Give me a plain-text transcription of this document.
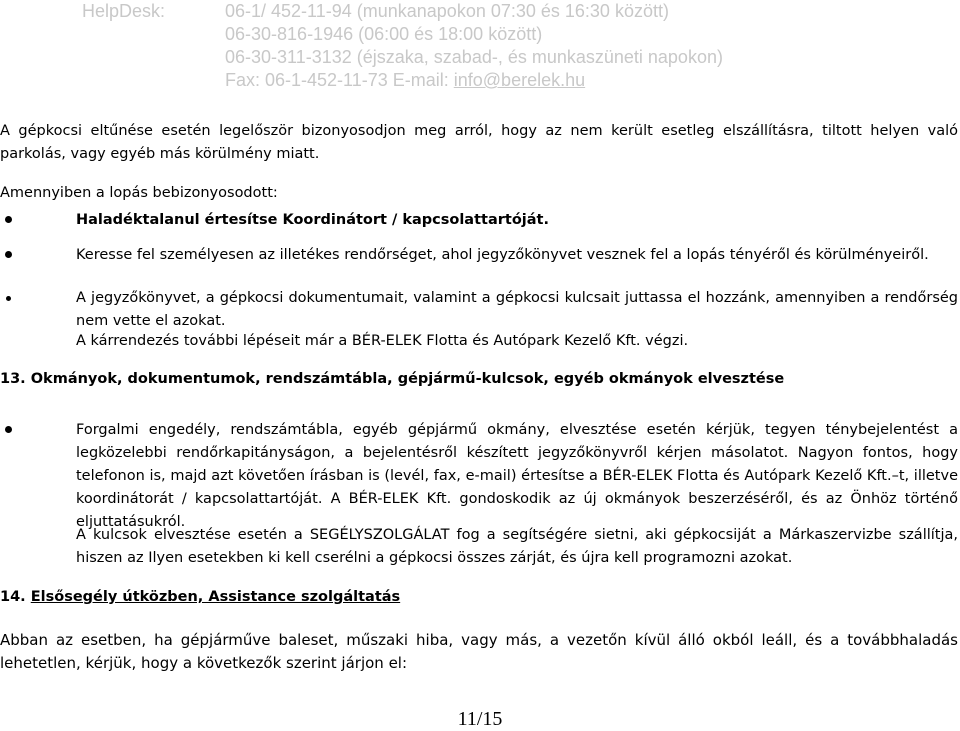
HelpDesk:	06-1/ 452-11-94 (munkanapokon 07:30 és 16:30 között)
06-30-816-1946 (06:00 és 18:00 között)
06-30-311-3132 (éjszaka, szabad-, és munkaszüneti napokon)
Fax: 06-1-452-11-73 E-mail: info@berelek.hu
A gépkocsi eltűnése esetén legelőször bizonyosodjon meg arról, hogy az nem került esetleg elszállításra, tiltott helyen való parkolás, vagy egyéb más körülmény miatt.
Amennyiben a lopás bebizonyosodott:
Haladéktalanul értesítse Koordinátort / kapcsolattartóját.
Keresse fel személyesen az illetékes rendőrséget, ahol jegyzőkönyvet vesznek fel a lopás tényéről és körülményeiről.
A jegyzőkönyvet, a gépkocsi dokumentumait, valamint a gépkocsi kulcsait juttassa el hozzánk, amennyiben a rendőrség nem vette el azokat.
A kárrendezés további lépéseit már a BÉR-ELEK Flotta és Autópark Kezelő Kft. végzi.
13. Okmányok, dokumentumok, rendszámtábla, gépjármű-kulcsok, egyéb okmányok elvesztése
Forgalmi engedély, rendszámtábla, egyéb gépjármű okmány, elvesztése esetén kérjük, tegyen ténybejelentést a legközelebbi rendőrkapitányságon, a bejelentésről készített jegyzőkönyvről kérjen másolatot. Nagyon fontos, hogy telefonon is, majd azt követően írásban is (levél, fax, e-mail) értesítse a BÉR-ELEK Flotta és Autópark Kezelő Kft.–t, illetve koordinátorát / kapcsolattartóját. A BÉR-ELEK Kft. gondoskodik az új okmányok beszerzéséről, és az Önhöz történő eljuttatásukról.
A kulcsok elvesztése esetén a SEGÉLYSZOLGÁLAT fog a segítségére sietni, aki gépkocsiját a Márkaszervizbe szállítja, hiszen az Ilyen esetekben ki kell cserélni a gépkocsi összes zárját, és újra kell programozni azokat.
14. Elsősegély útközben, Assistance szolgáltatás
Abban az esetben, ha gépjárműve baleset, műszaki hiba, vagy más, a vezetőn kívül álló okból leáll, és a továbbhaladás lehetetlen, kérjük, hogy a következők szerint járjon el:
11/15
